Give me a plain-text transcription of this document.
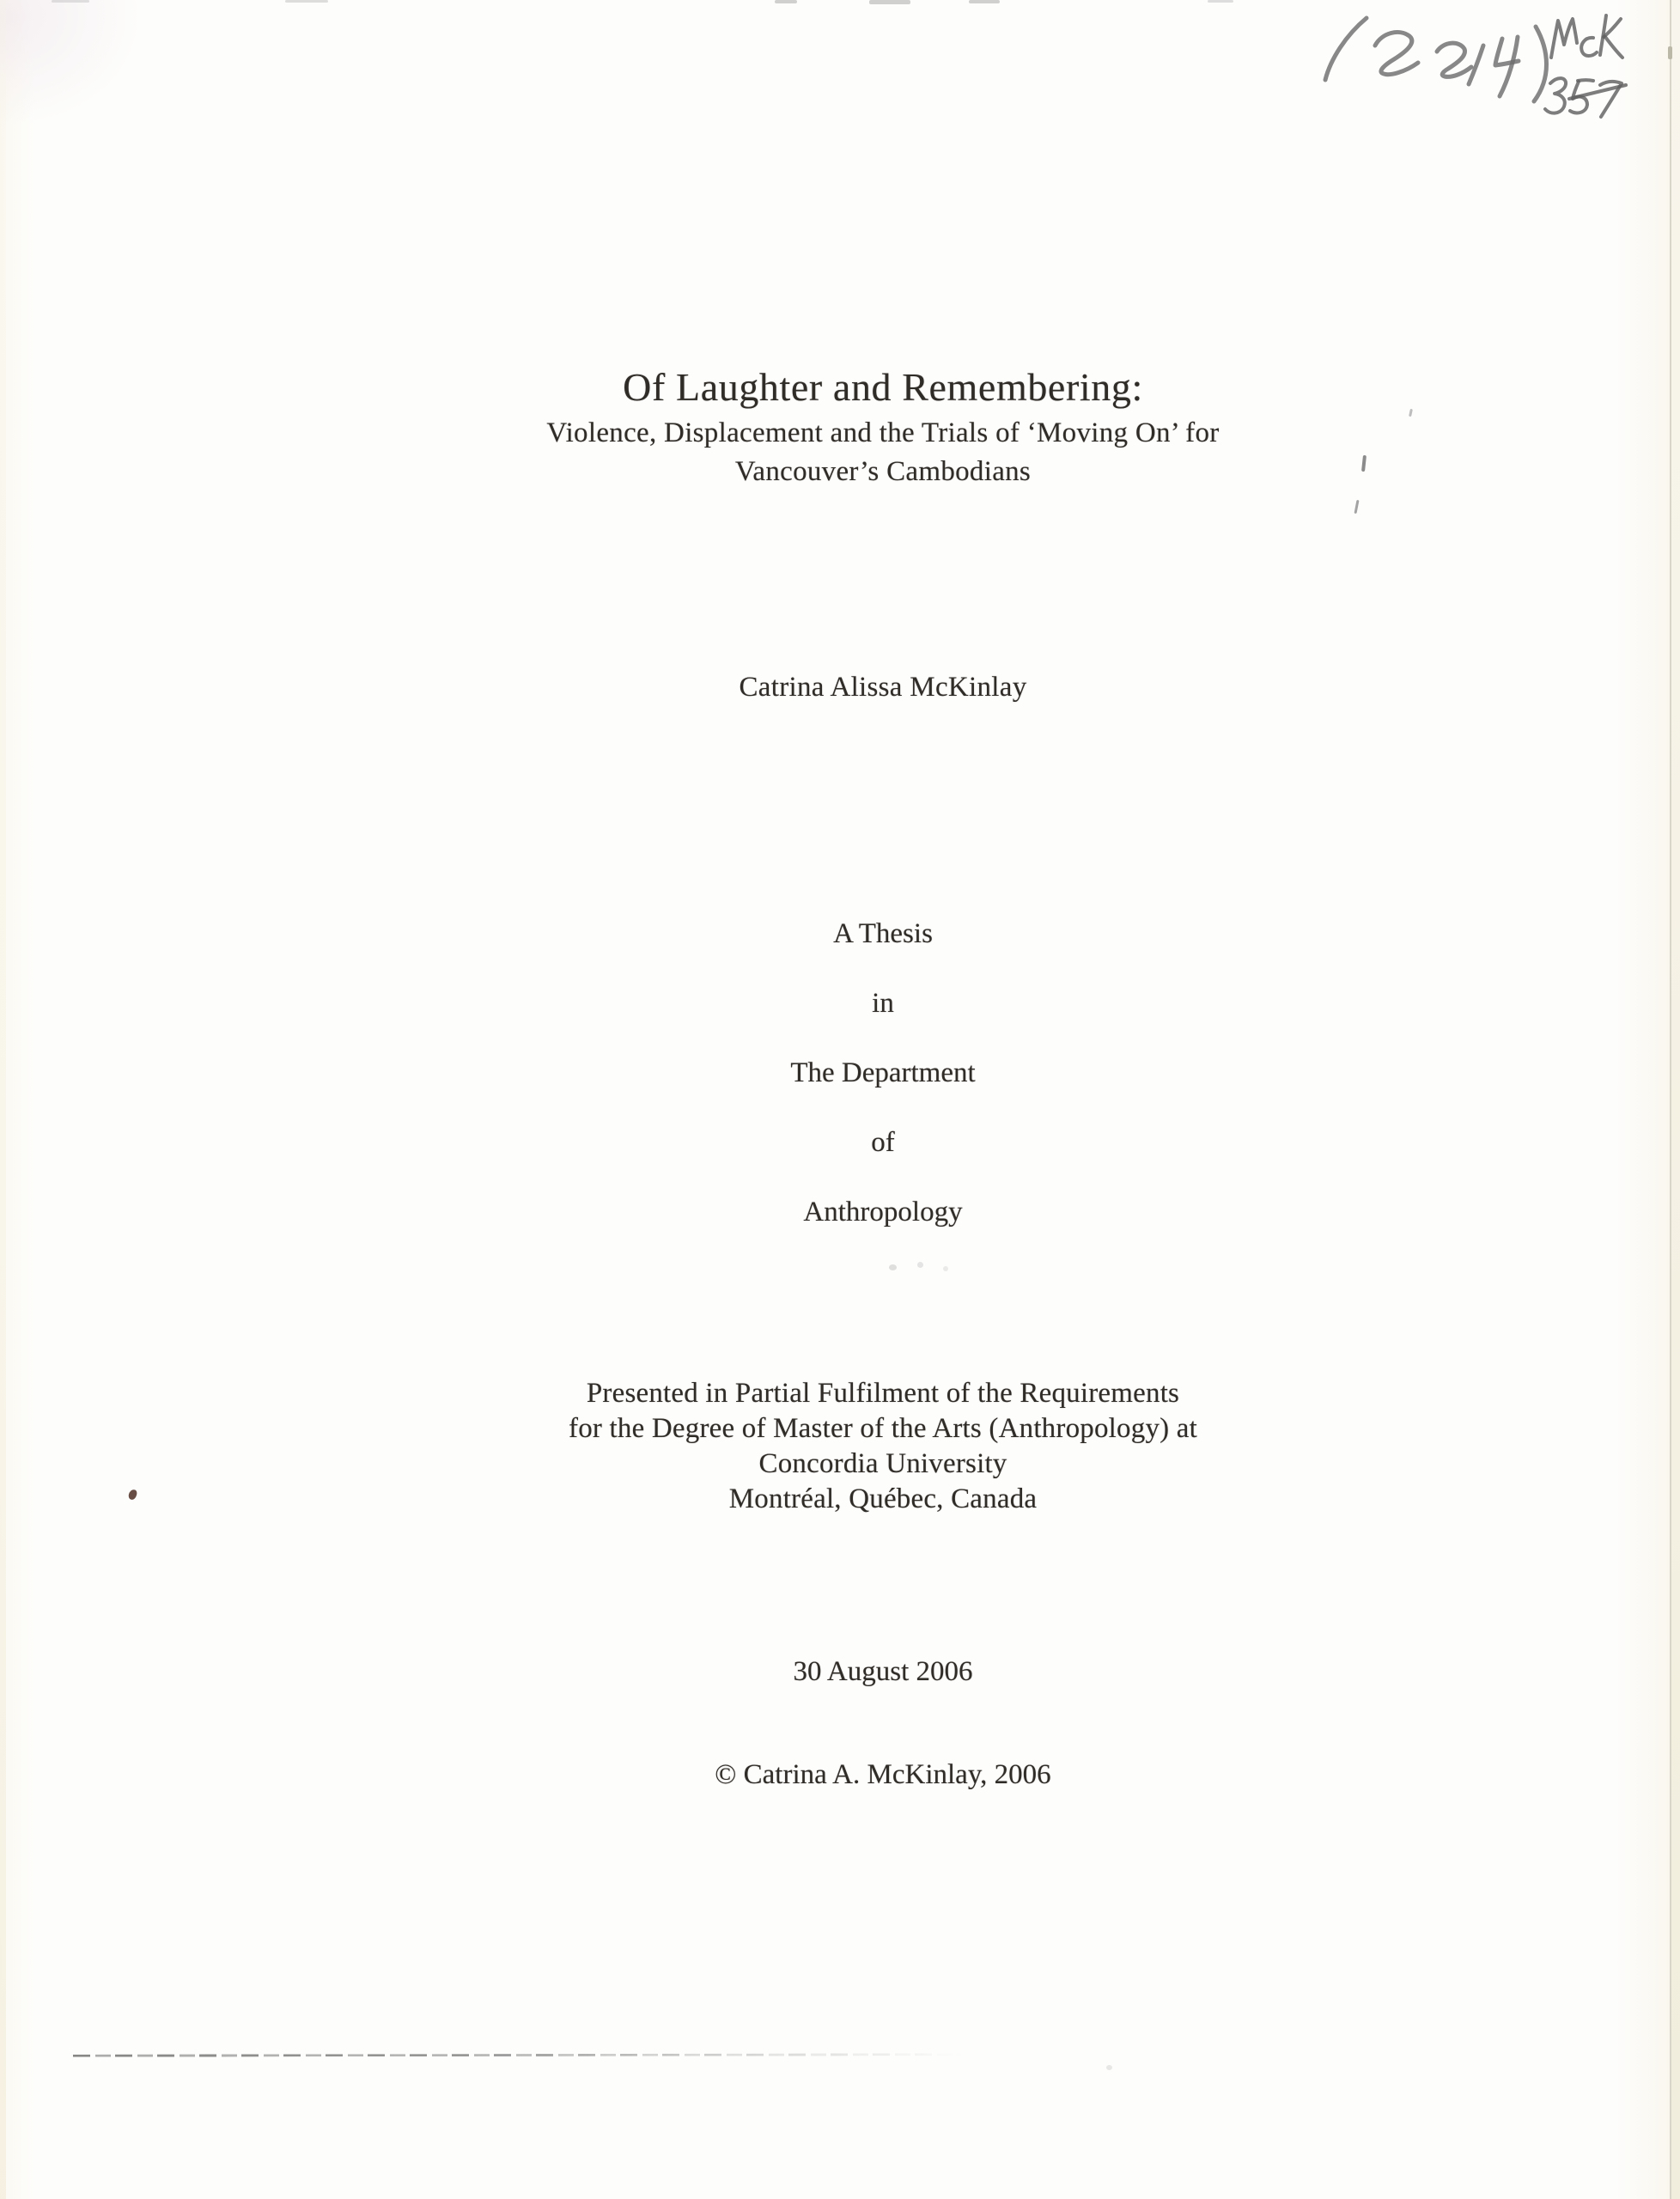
Of Laughter and Remembering:
Violence, Displacement and the Trials of ‘Moving On’ for
Vancouver’s Cambodians
Catrina Alissa McKinlay
A Thesis
in
The Department
of
Anthropology
Presented in Partial Fulfilment of the Requirements
for the Degree of Master of the Arts (Anthropology) at
Concordia University
Montréal, Québec, Canada
30 August 2006
© Catrina A. McKinlay, 2006
